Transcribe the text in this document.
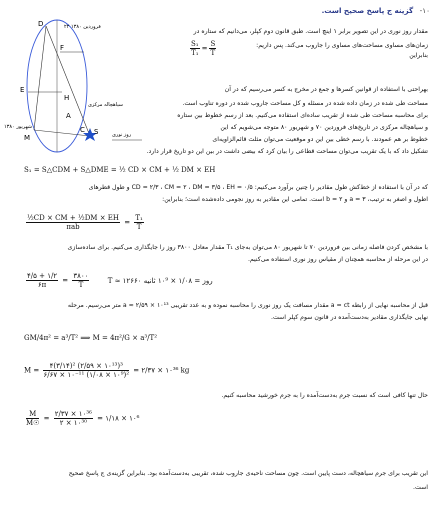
۱۰- گزینه ج پاسخ صحیح است.
D
F
E
H
A
C
M
S
۲۲ فروردین ۱۳۸۰
۱۳۸۰ شهریور
سیاهچاله مرکزی
روز نوری
مقدار روز نوری در این تصویر برابر ۱ اینچ است. طبق قانون دوم کپلر، می‌دانیم که ستاره در
زمان‌های مساوی مساحت‌های مساوی را جاروب می‌کند. پس داریم:
$\frac{\text{S₁}}{\text{T₁}} = \frac{S}{T}$	بنابراین
بهراحتی با استفاده از قوانین کسرها و جمع در مخرج به کسر می‌رسیم که در آن
مساحت طی شده در زمان داده شده در مسئله و کل مساحت جاروب شده در دوره تناوب است.
برای محاسبه مساحت طی شده از تقریب ساده‌ای استفاده می‌کنیم. بعد از رسم خطوط بین ستاره
و سیاهچاله مرکزی در تاریخ‌های فروردین ۷۰ و شهریور ۸۰ متوجه می‌شویم که این
خطوط بر هم عمودند. با رسم خطی بین این دو موقعیت می‌توان مثلث قائم‌الزاویه‌ای
تشکیل داد که با یک تقریب می‌توان مساحت قطاعی را بیان کرد که بیضی داشت در بین این دو تاریخ قرار دارد.
S₁ = S△CDM + S△DME = ½ CD × CM + ½ DM × EH
که در آن با استفاده از خط‌کش طول مقادیر را چنین برآورد می‌کنیم: CD = ۲/۳ ، CM = ۲ ، DM = ۳/۵ ، EH = ۰/۵ و طول قطرهای
اطول و اصغر به ترتیب، a = ۳ و b = ۲ است. تمامی این مقادیر به روز نجومی داده‌شده است؛ بنابراین:
$\frac{\text{½CD × CM + ½DM × EH}}{\text{πab}} = \frac{\text{T₁}}{T}$
با مشخص کردن فاصله زمانی بین فروردین ۷۰ تا شهریور ۸۰ می‌توان به‌جای T₁ مقدار معادل ۳۸۰۰ روز را جایگذاری می‌کنیم. برای ساده‌سازی
در این مرحله از محاسبه همچنان از مقیاس روز نوری استفاده می‌کنیم.
$\frac{۴/۵ + ۱/۲}{۶\pi} = \frac{۳۸۰۰}{T}$	T ≈ ۱۲۶۶۰ روز = ۱/۰۸ × ۱۰⁹ ثانیه
قبل از محاسبه نهایی از رابطه a = ct مقدار مسافت یک روز نوری را محاسبه نموده و به عدد تقریبی ۱۰¹³ × ۲/۵۹ ≈ a متر می‌رسیم. مرحله
نهایی جایگذاری مقادیر به‌دست‌آمده در قانون سوم کپلر است.
GM/4π² = a³/T² ⟹ M = 4π²/G × a³/T²
$M = \frac{\text{۴(۳/۱۴)² (۲/۵۹ × ۱۰¹³)³}}{\text{۶/۶۷ × ۱۰⁻¹¹ (۱/۰۸ × ۱۰⁹)²}}$ = ۲/۳۷ × ۱۰³⁶ kg
حال تنها کافی است که نسبت جرم به‌دست‌آمده را به جرم خورشید محاسبه کنیم.
$\frac{M}{M☉} = \frac{\text{۲/۳۷ × ۱۰³⁶}}{\text{۲ × ۱۰³⁰}}$ = ۱/۱۸ × ۱۰⁶
این تقریب برای جرم سیاهچاله، دست پایین است. چون مساحت ناحیه‌ی جاروب شده، تقریبی به‌دست‌آمده بود. بنابراین گزینه‌ی ج پاسخ صحیح
است.
